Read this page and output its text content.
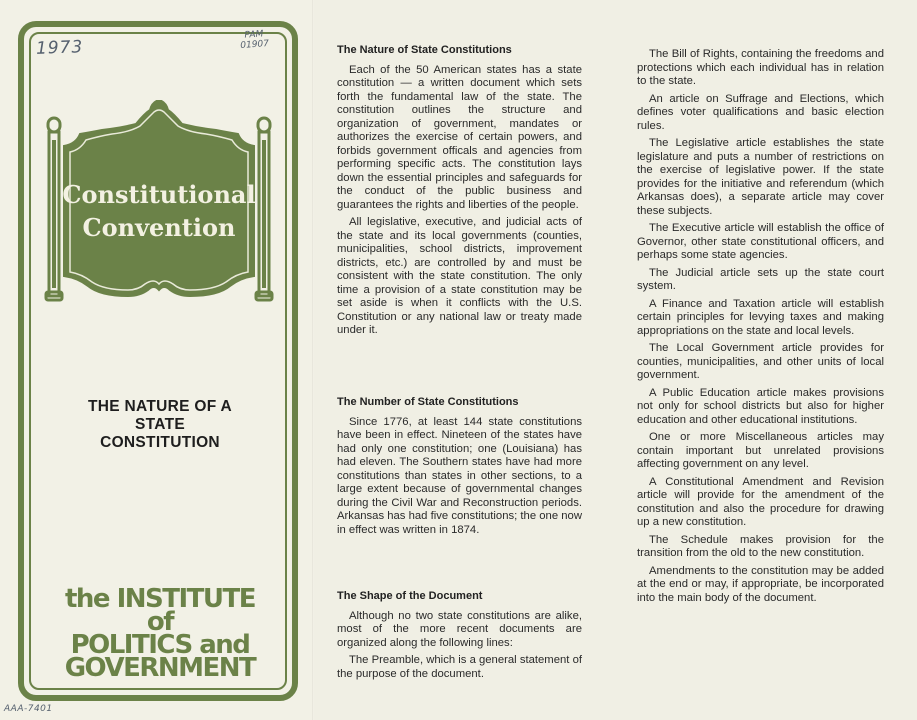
1973
PAM
01907
Constitutional
Convention
THE NATURE OF A
STATE
CONSTITUTION
the INSTITUTE of
POLITICS and
GOVERNMENT
AAA-7401

The Nature of State Constitutions

Each of the 50 American states has a state constitution — a written document which sets forth the fundamental law of the state. The constitution outlines the structure and organization of government, mandates or authorizes the exercise of certain powers, and forbids government officals and agencies from performing specific acts. The constitution lays down the essential principles and safeguards for the conduct of the public business and guarantees the rights and liberties of the people.

All legislative, executive, and judicial acts of the state and its local governments (counties, municipalities, school districts, improvement districts, etc.) are controlled by and must be consistent with the state constitution. The only time a provision of a state constitution may be set aside is when it conflicts with the U.S. Constitution or any national law or treaty made under it.

The Number of State Constitutions

Since 1776, at least 144 state constitutions have been in effect. Nineteen of the states have had only one constitution; one (Louisiana) has had eleven. The Southern states have had more constitutions than states in other sections, to a large extent because of governmental changes during the Civil War and Reconstruction periods. Arkansas has had five constitutions; the one now in effect was written in 1874.

The Shape of the Document

Although no two state constitutions are alike, most of the more recent documents are organized along the following lines:

The Preamble, which is a general statement of the purpose of the document.

The Bill of Rights, containing the freedoms and protections which each individual has in relation to the state.

An article on Suffrage and Elections, which defines voter qualifications and basic election rules.

The Legislative article establishes the state legislature and puts a number of restrictions on the exercise of legislative power. If the state provides for the initiative and referendum (which Arkansas does), a separate article may cover these subjects.

The Executive article will establish the office of Governor, other state constitutional officers, and perhaps some state agencies.

The Judicial article sets up the state court system.

A Finance and Taxation article will establish certain principles for levying taxes and making appropriations on the state and local levels.

The Local Government article provides for counties, municipalities, and other units of local government.

A Public Education article makes provisions not only for school districts but also for higher education and other educational institutions.

One or more Miscellaneous articles may contain important but unrelated provisions affecting government on any level.

A Constitutional Amendment and Revision article will provide for the amendment of the constitution and also the procedure for drawing up a new constitution.

The Schedule makes provision for the transition from the old to the new constitution.

Amendments to the constitution may be added at the end or may, if appropriate, be incorporated into the main body of the document.
